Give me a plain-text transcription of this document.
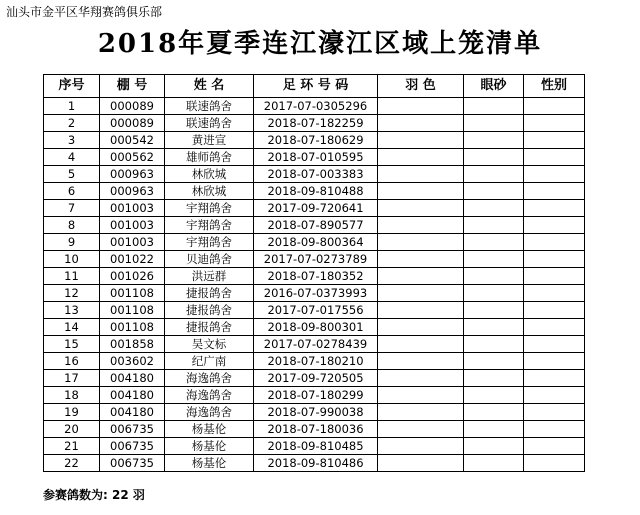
汕头市金平区华翔赛鸽俱乐部
2018年夏季连江濠江区域上笼清单
序号	棚 号	姓 名	足 环 号 码	羽 色	眼砂	性别
1	000089	联速鸽舍	2017-07-0305296			
2	000089	联速鸽舍	2018-07-182259			
3	000542	黄进宣	2018-07-180629			
4	000562	雄师鸽舍	2018-07-010595			
5	000963	林欣城	2018-07-003383			
6	000963	林欣城	2018-09-810488			
7	001003	宇翔鸽舍	2017-09-720641			
8	001003	宇翔鸽舍	2018-07-890577			
9	001003	宇翔鸽舍	2018-09-800364			
10	001022	贝迪鸽舍	2017-07-0273789			
11	001026	洪远群	2018-07-180352			
12	001108	捷报鸽舍	2016-07-0373993			
13	001108	捷报鸽舍	2017-07-017556			
14	001108	捷报鸽舍	2018-09-800301			
15	001858	吴文标	2017-07-0278439			
16	003602	纪广南	2018-07-180210			
17	004180	海逸鸽舍	2017-09-720505			
18	004180	海逸鸽舍	2018-07-180299			
19	004180	海逸鸽舍	2018-07-990038			
20	006735	杨基伦	2018-07-180036			
21	006735	杨基伦	2018-09-810485			
22	006735	杨基伦	2018-09-810486			
参赛鸽数为: 22 羽
